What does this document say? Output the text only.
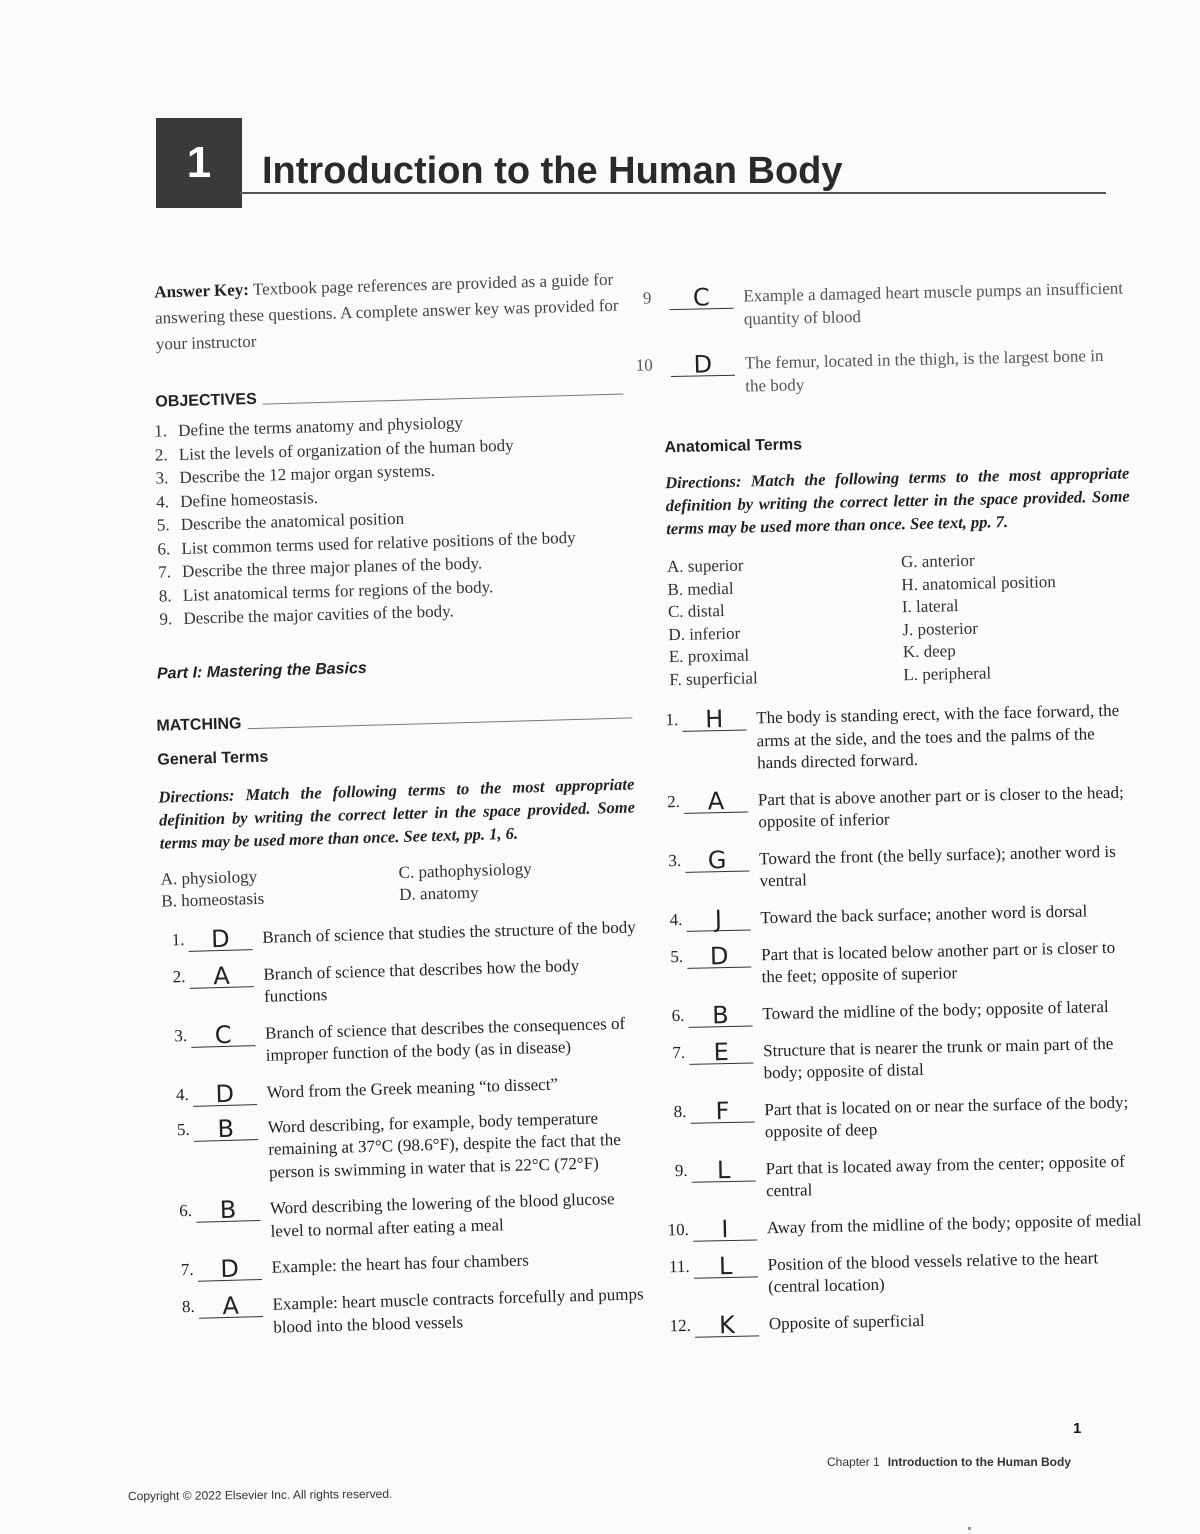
1	Introduction to the Human Body
Answer Key: Textbook page references are provided as a guide for answering these questions. A complete answer key was provided for your instructor
OBJECTIVES
1. Define the terms anatomy and physiology
2. List the levels of organization of the human body
3. Describe the 12 major organ systems.
4. Define homeostasis.
5. Describe the anatomical position
6. List common terms used for relative positions of the body
7. Describe the three major planes of the body.
8. List anatomical terms for regions of the body.
9. Describe the major cavities of the body.
Part I: Mastering the Basics
MATCHING
General Terms
Directions: Match the following terms to the most appropriate definition by writing the correct letter in the space provided. Some terms may be used more than once. See text, pp. 1, 6.
A. physiology	C. pathophysiology
B. homeostasis	D. anatomy
1.	D	Branch of science that studies the structure of the body
2.	A	Branch of science that describes how the body functions
3.	C	Branch of science that describes the consequences of improper function of the body (as in disease)
4.	D	Word from the Greek meaning “to dissect”
5.	B	Word describing, for example, body temperature remaining at 37°C (98.6°F), despite the fact that the person is swimming in water that is 22°C (72°F)
6.	B	Word describing the lowering of the blood glucose level to normal after eating a meal
7.	D	Example: the heart has four chambers
8.	A	Example: heart muscle contracts forcefully and pumps blood into the blood vessels
9	C	Example a damaged heart muscle pumps an insufficient quantity of blood
10	D	The femur, located in the thigh, is the largest bone in the body
Anatomical Terms
Directions: Match the following terms to the most appropriate definition by writing the correct letter in the space provided. Some terms may be used more than once. See text, pp. 7.
A. superior	G. anterior
B. medial	H. anatomical position
C. distal	I. lateral
D. inferior	J. posterior
E. proximal	K. deep
F. superficial	L. peripheral
1.	H	The body is standing erect, with the face forward, the arms at the side, and the toes and the palms of the hands directed forward.
2.	A	Part that is above another part or is closer to the head; opposite of inferior
3.	G	Toward the front (the belly surface); another word is ventral
4.	J	Toward the back surface; another word is dorsal
5.	D	Part that is located below another part or is closer to the feet; opposite of superior
6.	B	Toward the midline of the body; opposite of lateral
7.	E	Structure that is nearer the trunk or main part of the body; opposite of distal
8.	F	Part that is located on or near the surface of the body; opposite of deep
9.	L	Part that is located away from the center; opposite of central
10.	I	Away from the midline of the body; opposite of medial
11.	L	Position of the blood vessels relative to the heart (central location)
12.	K	Opposite of superficial
1
Chapter 1 Introduction to the Human Body
Copyright © 2022 Elsevier Inc. All rights reserved.
